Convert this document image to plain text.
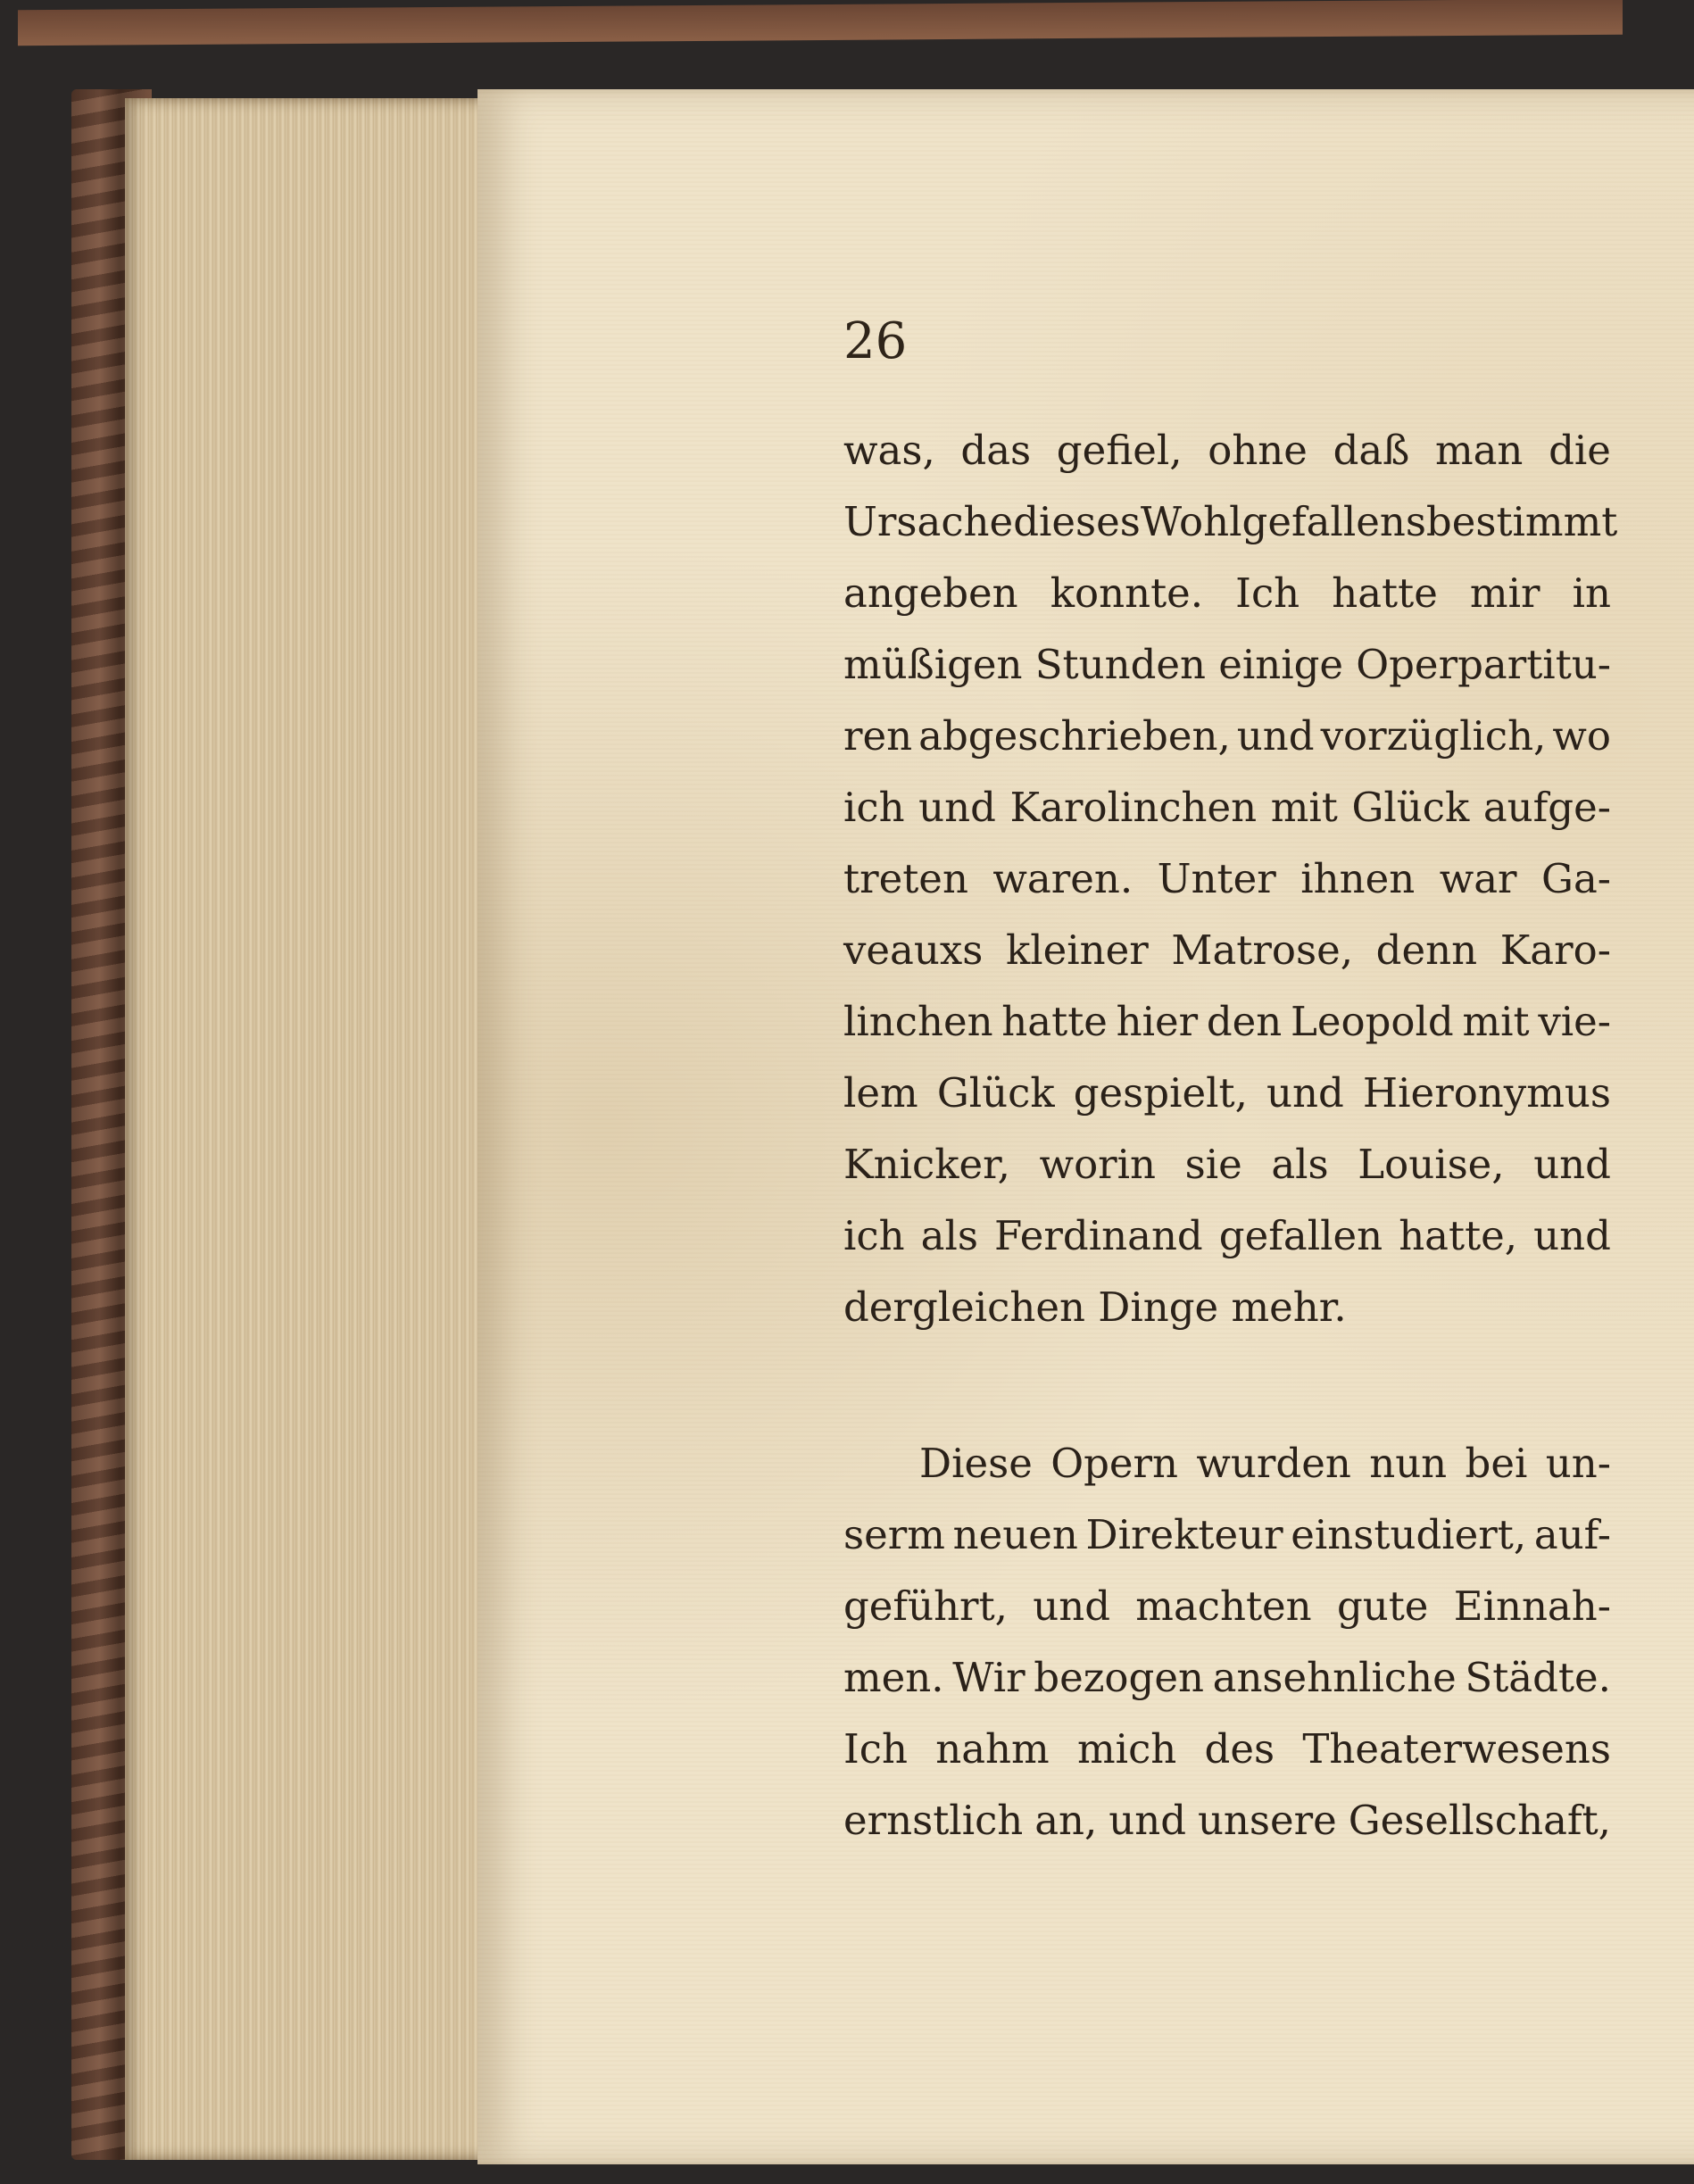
26
was, das gefiel, ohne daß man die
Ursache dieses Wohlgefallens bestimmt
angeben konnte. Ich hatte mir in
müßigen Stunden einige Operpartitu-
ren abgeschrieben, und vorzüglich, wo
ich und Karolinchen mit Glück aufge-
treten waren. Unter ihnen war Ga-
veauxs kleiner Matrose, denn Karo-
linchen hatte hier den Leopold mit vie-
lem Glück gespielt, und Hieronymus
Knicker, worin sie als Louise, und
ich als Ferdinand gefallen hatte, und
dergleichen Dinge mehr.
Diese Opern wurden nun bei un-
serm neuen Direkteur einstudiert, auf-
geführt, und machten gute Einnah-
men. Wir bezogen ansehnliche Städte.
Ich nahm mich des Theaterwesens
ernstlich an, und unsere Gesellschaft,
